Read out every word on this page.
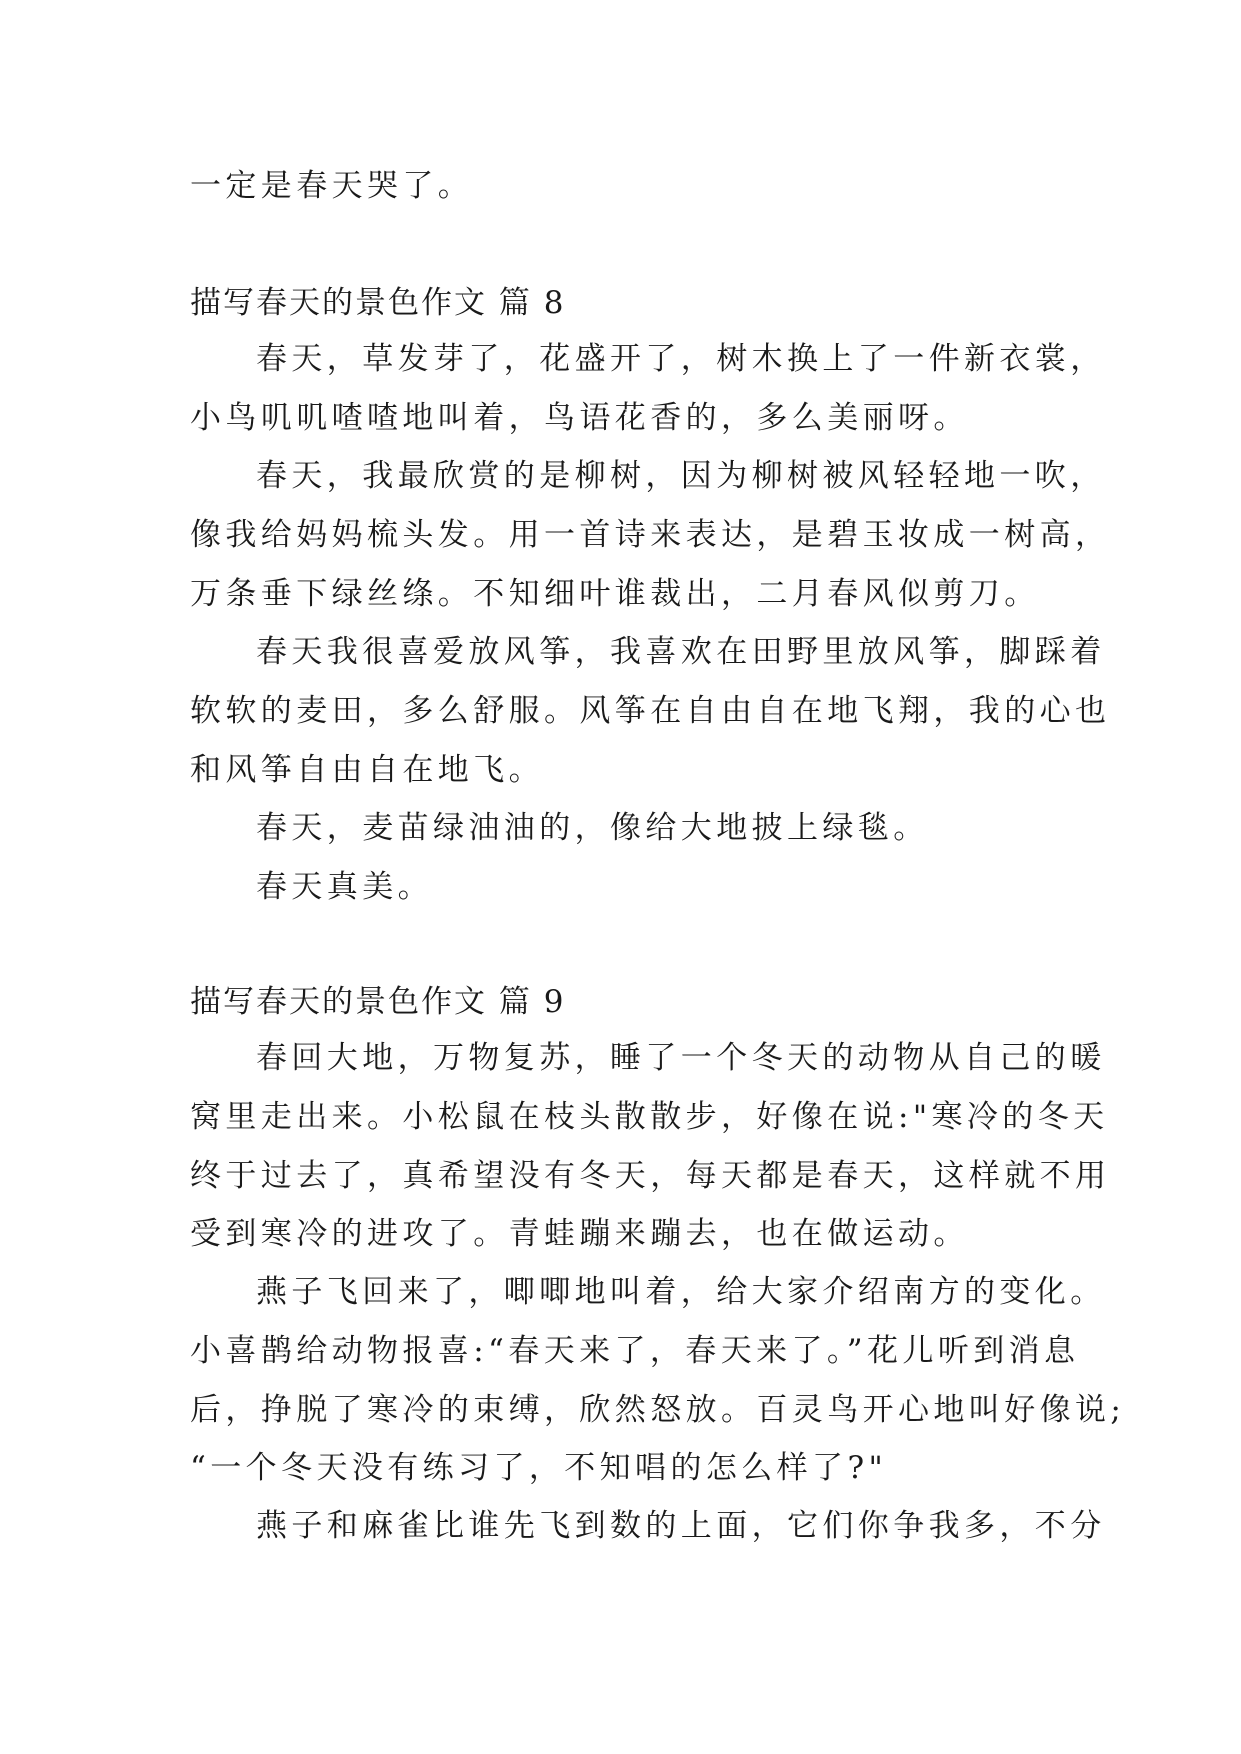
一定是春天哭了。
描写春天的景色作文 篇 8
春天，草发芽了，花盛开了，树木换上了一件新衣裳，
小鸟叽叽喳喳地叫着，鸟语花香的，多么美丽呀。
春天，我最欣赏的是柳树，因为柳树被风轻轻地一吹，
像我给妈妈梳头发。用一首诗来表达，是碧玉妆成一树高，
万条垂下绿丝绦。不知细叶谁裁出，二月春风似剪刀。
春天我很喜爱放风筝，我喜欢在田野里放风筝，脚踩着
软软的麦田，多么舒服。风筝在自由自在地飞翔，我的心也
和风筝自由自在地飞。
春天，麦苗绿油油的，像给大地披上绿毯。
春天真美。
描写春天的景色作文 篇 9
春回大地，万物复苏，睡了一个冬天的动物从自己的暖
窝里走出来。小松鼠在枝头散散步，好像在说:"寒冷的冬天
终于过去了，真希望没有冬天，每天都是春天，这样就不用
受到寒冷的进攻了。青蛙蹦来蹦去，也在做运动。
燕子飞回来了，唧唧地叫着，给大家介绍南方的变化。
小喜鹊给动物报喜:“春天来了，春天来了。”花儿听到消息
后，挣脱了寒冷的束缚，欣然怒放。百灵鸟开心地叫好像说;
“一个冬天没有练习了，不知唱的怎么样了?"
燕子和麻雀比谁先飞到数的上面，它们你争我多，不分
